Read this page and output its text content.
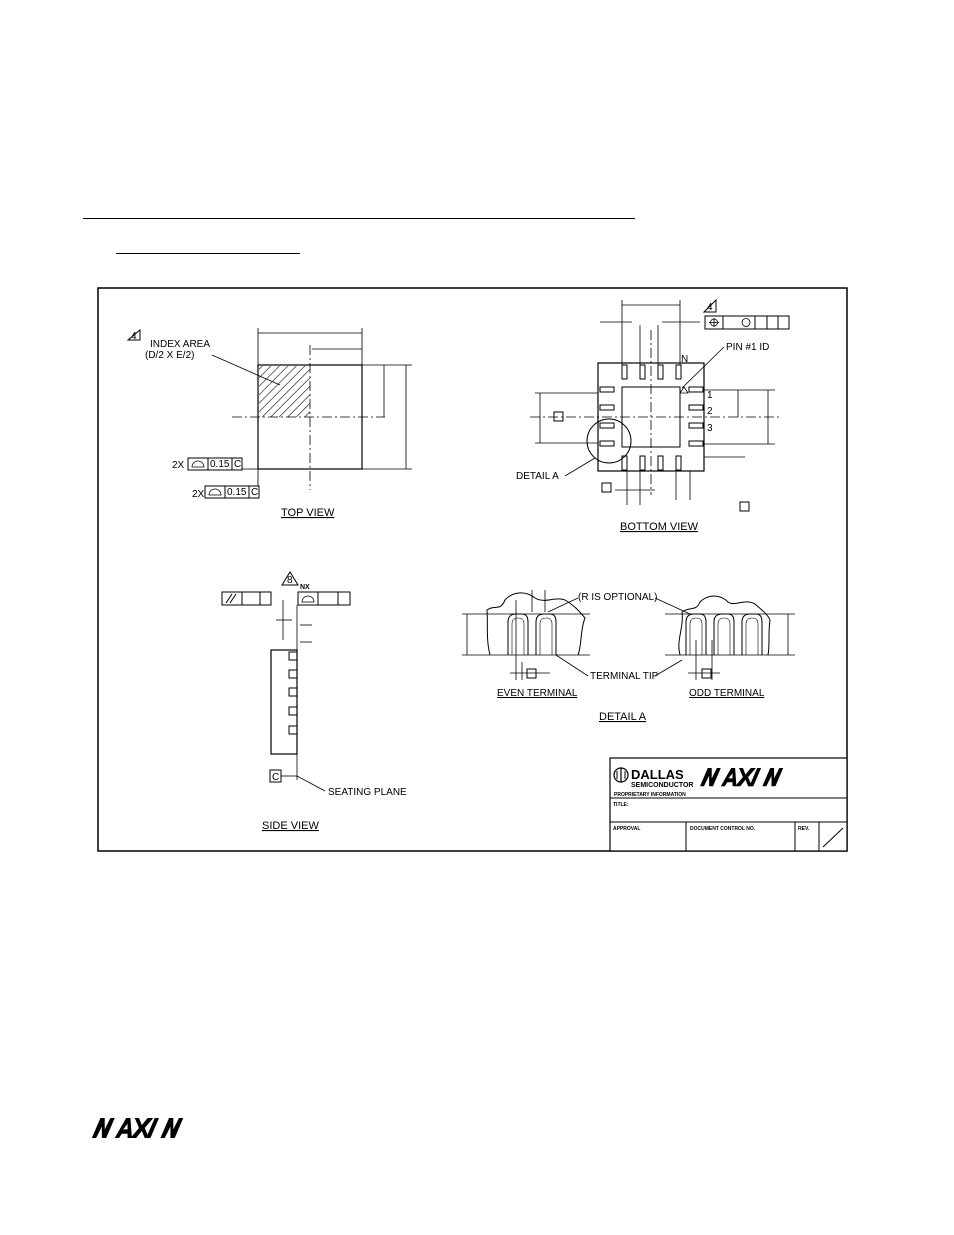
4
INDEX AREA
(D/2 X E/2)
2X	0.15 C
2X 0.15 C
TOP VIEW
4
PIN #1 ID
N
1
2
3
DETAIL A
BOTTOM VIEW
8
NX
C
SEATING PLANE
SIDE VIEW
(R IS OPTIONAL)
TERMINAL TIP
EVEN TERMINAL	ODD TERMINAL
DETAIL A
DALLAS
SEMICONDUCTOR
PROPRIETARY INFORMATION
TITLE:
APPROVAL	DOCUMENT CONTROL NO.	REV.
